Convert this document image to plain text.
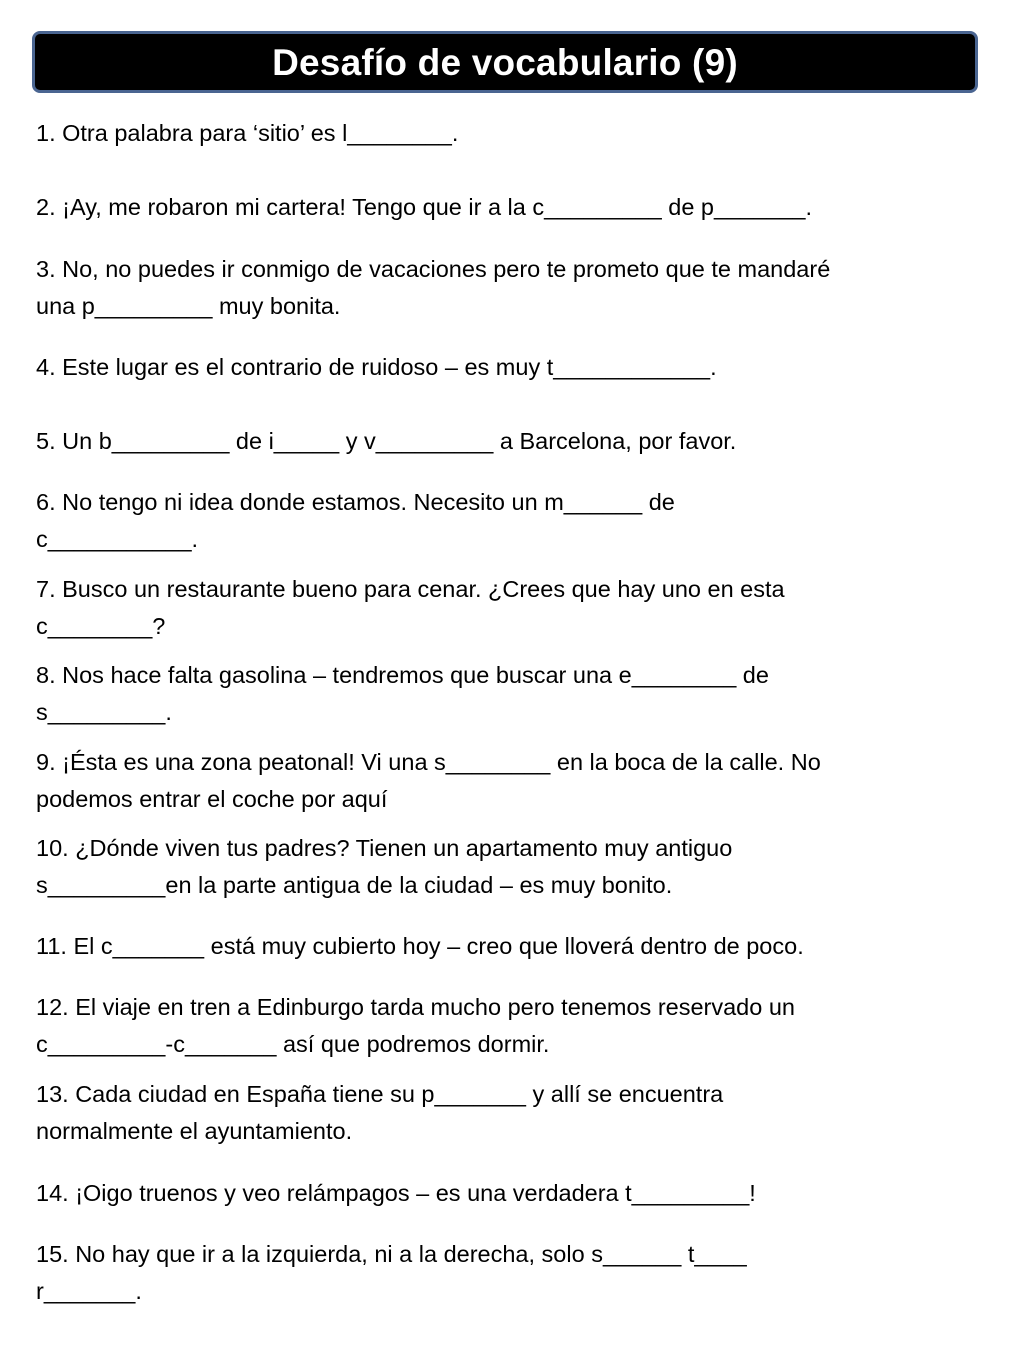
Desafío de vocabulario (9)
1. Otra palabra para ‘sitio’ es l________.
2. ¡Ay, me robaron mi cartera! Tengo que ir a la c_________ de p_______.
3. No, no puedes ir conmigo de vacaciones pero te prometo que te mandaré
una p_________ muy bonita.
4. Este lugar es el contrario de ruidoso – es muy t____________.
5. Un b_________ de i_____ y v_________ a Barcelona, por favor.
6. No tengo ni idea donde estamos. Necesito un m______ de
c___________.
7. Busco un restaurante bueno para cenar. ¿Crees que hay uno en esta
c________?
8. Nos hace falta gasolina – tendremos que buscar una e________ de
s_________.
9. ¡Ésta es una zona peatonal! Vi una s________ en la boca de la calle. No
podemos entrar el coche por aquí
10. ¿Dónde viven tus padres? Tienen un apartamento muy antiguo
s_________en la parte antigua de la ciudad – es muy bonito.
11. El c_______ está muy cubierto hoy – creo que lloverá dentro de poco.
12. El viaje en tren a Edinburgo tarda mucho pero tenemos reservado un
c_________-c_______ así que podremos dormir.
13. Cada ciudad en España tiene su p_______ y allí se encuentra
normalmente el ayuntamiento.
14. ¡Oigo truenos y veo relámpagos – es una verdadera t_________!
15. No hay que ir a la izquierda, ni a la derecha, solo s______ t____
r_______.
